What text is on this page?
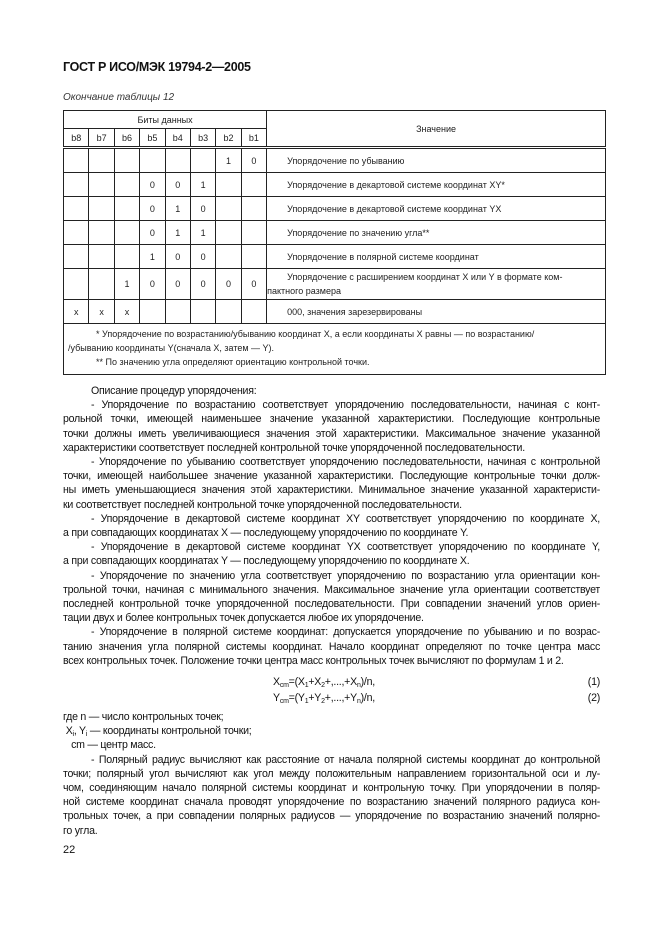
ГОСТ Р ИСО/МЭК 19794-2—2005
Окончание таблицы 12
Биты данных								Значение
b8	b7	b6	b5	b4	b3	b2	b1	
						1	0	Упорядочение по убыванию
			0	0	1			Упорядочение в декартовой системе координат XY*
			0	1	0			Упорядочение в декартовой системе координат YX
			0	1	1			Упорядочение по значению угла**
			1	0	0			Упорядочение в полярной системе координат
		1	0	0	0	0	0	Упорядочение с расширением координат X или Y в формате ком-
пактного размера

x	x	x						000, значения зарезервированы

* Упорядочение по возрастанию/убыванию координат X, а если координаты X равны — по возрастанию/
/убыванию координаты Y(сначала X, затем — Y).
** По значению угла определяют ориентацию контрольной точки.								
Описание процедур упорядочения:
- Упорядочение по возрастанию соответствует упорядочению последовательности, начиная с конт-
рольной точки, имеющей наименьшее значение указанной характеристики. Последующие контрольные
точки должны иметь увеличивающиеся значения этой характеристики. Максимальное значение указанной
характеристики соответствует последней контрольной точке упорядоченной последовательности.
- Упорядочение по убыванию соответствует упорядочению последовательности, начиная с контрольной
точки, имеющей наибольшее значение указанной характеристики. Последующие контрольные точки долж-
ны иметь уменьшающиеся значения этой характеристики. Минимальное значение указанной характеристи-
ки соответствует последней контрольной точке упорядоченной последовательности.
- Упорядочение в декартовой системе координат XY соответствует упорядочению по координате X,
а при совпадающих координатах X — последующему упорядочению по координате Y.
- Упорядочение в декартовой системе координат YX соответствует упорядочению по координате Y,
а при совпадающих координатах Y — последующему упорядочению по координате X.
- Упорядочение по значению угла соответствует упорядочению по возрастанию угла ориентации кон-
трольной точки, начиная с минимального значения. Максимальное значение угла ориентации соответствует
последней контрольной точке упорядоченной последовательности. При совпадении значений углов ориен-
тации двух и более контрольных точек допускается любое их упорядочение.
- Упорядочение в полярной системе координат: допускается упорядочение по убыванию и по возрас-
танию значения угла полярной системы координат. Начало координат определяют по точке центра масс
всех контрольных точек. Положение точки центра масс контрольных точек вычисляют по формулам 1 и 2.
$X_{cm}=(X_1+X_2+,...,+X_n)/n$,	(1)
$Y_{cm}=(Y_1+Y_2+,...,+Y_n)/n$,	(2)
где n — число контрольных точек;
$X_i$, $Y_i$ — координаты контрольной точки;
cm — центр масс.
- Полярный радиус вычисляют как расстояние от начала полярной системы координат до контрольной
точки; полярный угол вычисляют как угол между положительным направлением горизонтальной оси и лу-
чом, соединяющим начало полярной системы координат и контрольную точку. При упорядочении в поляр-
ной системе координат сначала проводят упорядочение по возрастанию значений полярного радиуса кон-
трольных точек, а при совпадении полярных радиусов — упорядочение по возрастанию значений полярно-
го угла.
22
